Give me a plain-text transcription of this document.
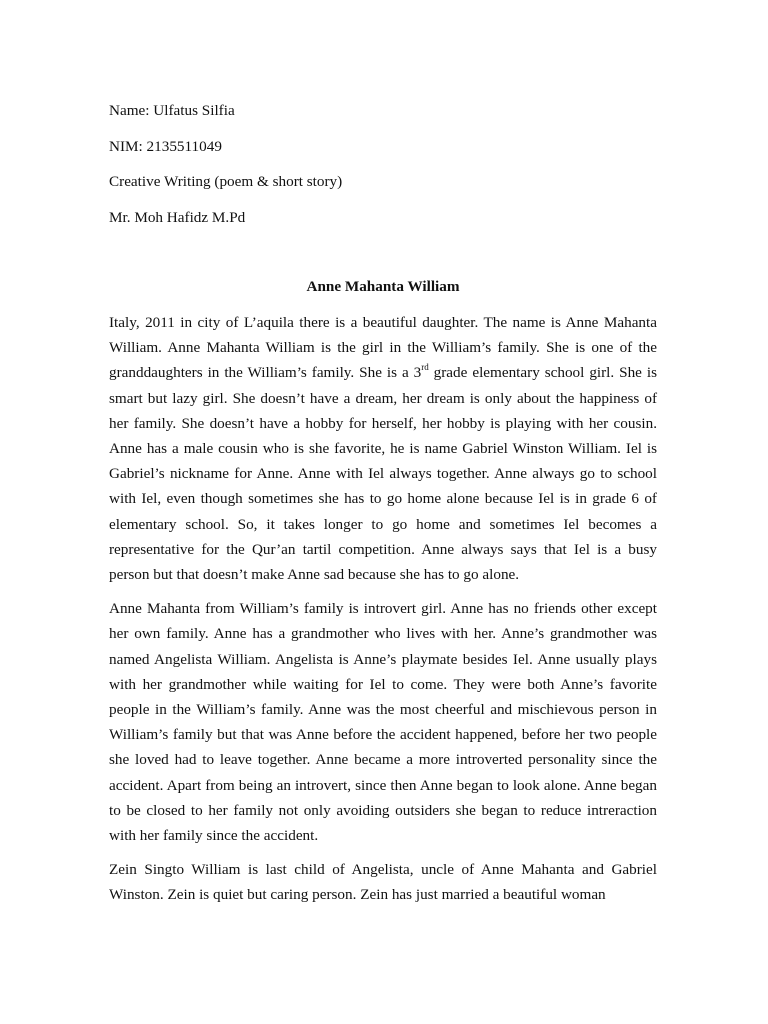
Name: Ulfatus Silfia
NIM: 2135511049
Creative Writing (poem & short story)
Mr. Moh Hafidz M.Pd
Anne Mahanta William

Italy, 2011 in city of L’aquila there is a beautiful daughter. The name is Anne Mahanta William. Anne Mahanta William is the girl in the William’s family. She is one of the granddaughters in the William’s family. She is a 3rd grade elementary school girl. She is smart but lazy girl. She doesn’t have a dream, her dream is only about the happiness of her family. She doesn’t have a hobby for herself, her hobby is playing with her cousin. Anne has a male cousin who is she favorite, he is name Gabriel Winston William. Iel is Gabriel’s nickname for Anne. Anne with Iel always together. Anne always go to school with Iel, even though sometimes she has to go home alone because Iel is in grade 6 of elementary school. So, it takes longer to go home and sometimes Iel becomes a representative for the Qur’an tartil competition. Anne always says that Iel is a busy person but that doesn’t make Anne sad because she has to go alone.

Anne Mahanta from William’s family is introvert girl. Anne has no friends other except her own family. Anne has a grandmother who lives with her. Anne’s grandmother was named Angelista William. Angelista is Anne’s playmate besides Iel. Anne usually plays with her grandmother while waiting for Iel to come. They were both Anne’s favorite people in the William’s family. Anne was the most cheerful and mischievous person in William’s family but that was Anne before the accident happened, before her two people she loved had to leave together. Anne became a more introverted personality since the accident. Apart from being an introvert, since then Anne began to look alone. Anne began to be closed to her family not only avoiding outsiders she began to reduce intreraction with her family since the accident.

Zein Singto William is last child of Angelista, uncle of Anne Mahanta and Gabriel Winston. Zein is quiet but caring person. Zein has just married a beautiful woman
